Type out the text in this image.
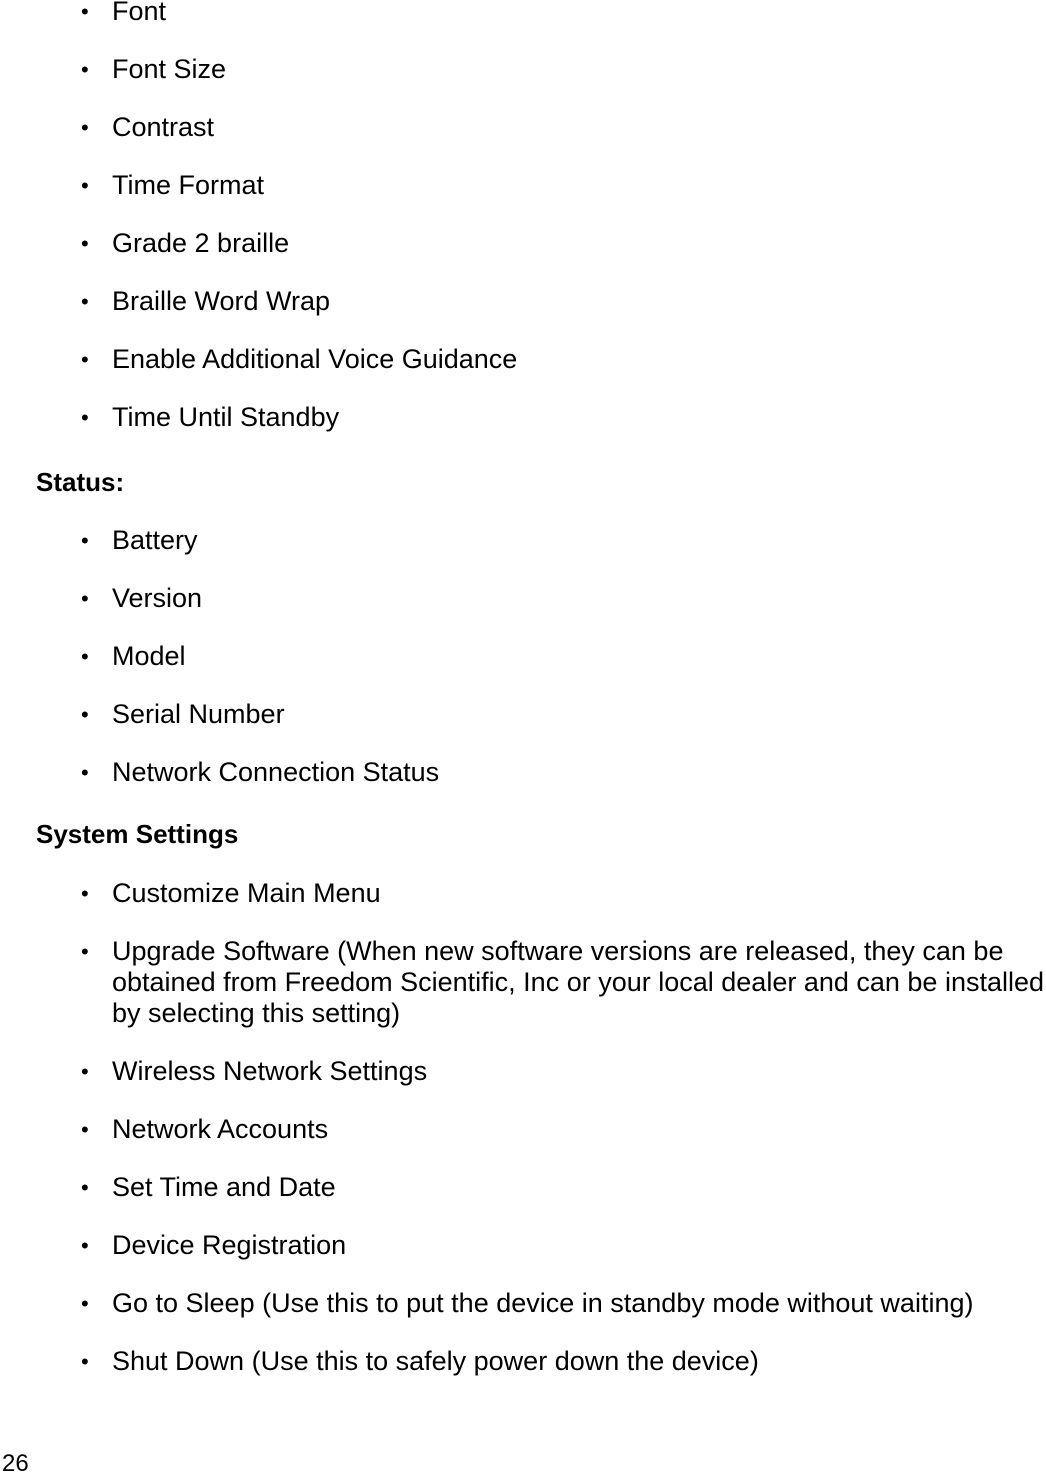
• Font
• Font Size
• Contrast
• Time Format
• Grade 2 braille
• Braille Word Wrap
• Enable Additional Voice Guidance
• Time Until Standby
Status:
• Battery
• Version
• Model
• Serial Number
• Network Connection Status
System Settings
• Customize Main Menu
• Upgrade Software (When new software versions are released, they can be obtained from Freedom Scientific, Inc or your local dealer and can be installed by selecting this setting)
• Wireless Network Settings
• Network Accounts
• Set Time and Date
• Device Registration
• Go to Sleep (Use this to put the device in standby mode without waiting)
• Shut Down (Use this to safely power down the device)
26
